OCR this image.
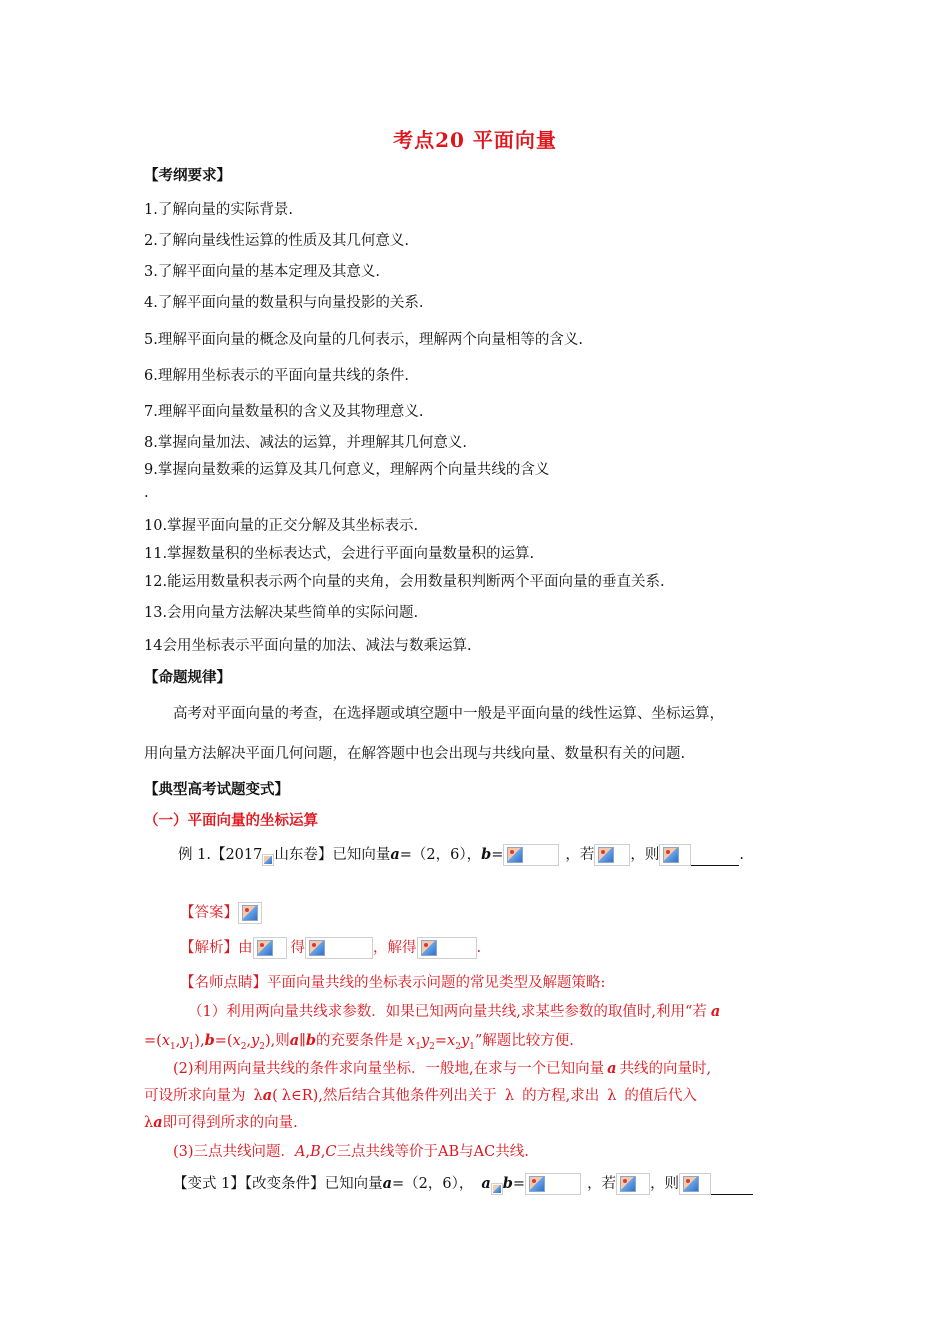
考点20 平面向量
【考纲要求】
1.了解向量的实际背景.
2.了解向量线性运算的性质及其几何意义.
3.了解平面向量的基本定理及其意义.
4.了解平面向量的数量积与向量投影的关系.
5.理解平面向量的概念及向量的几何表示，理解两个向量相等的含义.
6.理解用坐标表示的平面向量共线的条件.
7.理解平面向量数量积的含义及其物理意义.
8.掌握向量加法、减法的运算，并理解其几何意义.
9.掌握向量数乘的运算及其几何意义，理解两个向量共线的含义
.
10.掌握平面向量的正交分解及其坐标表示.
11.掌握数量积的坐标表达式，会进行平面向量数量积的运算.
12.能运用数量积表示两个向量的夹角，会用数量积判断两个平面向量的垂直关系.
13.会用向量方法解决某些简单的实际问题.
14会用坐标表示平面向量的加法、减法与数乘运算.
【命题规律】
高考对平面向量的考查，在选择题或填空题中一般是平面向量的线性运算、坐标运算，
用向量方法解决平面几何问题，在解答题中也会出现与共线向量、数量积有关的问题.
【典型高考试题变式】
（一）平面向量的坐标运算
例 1.【2017 山东卷】已知向量a=（2，6），b=	，若 ，则	.
【答案】
【解析】由	得	，解得	.
【名师点睛】平面向量共线的坐标表示问题的常见类型及解题策略:
（1）利用两向量共线求参数．如果已知两向量共线,求某些参数的取值时,利用“若 a
$=(x_1,y_1),b=(x_2,y_2)$,则a∥b的充要条件是 $x_1y_2=x_2y_1$”解题比较方便.
(2)利用两向量共线的条件求向量坐标．一般地,在求与一个已知向量 a 共线的向量时,
可设所求向量为 λa( λ∈R),然后结合其他条件列出关于 λ 的方程,求出 λ 的值后代入
λa即可得到所求的向量.
(3)三点共线问题．A,B,C三点共线等价于AB与AC共线.
【变式 1】【改变条件】已知向量a=（2，6）， a b=	，若 ，则
